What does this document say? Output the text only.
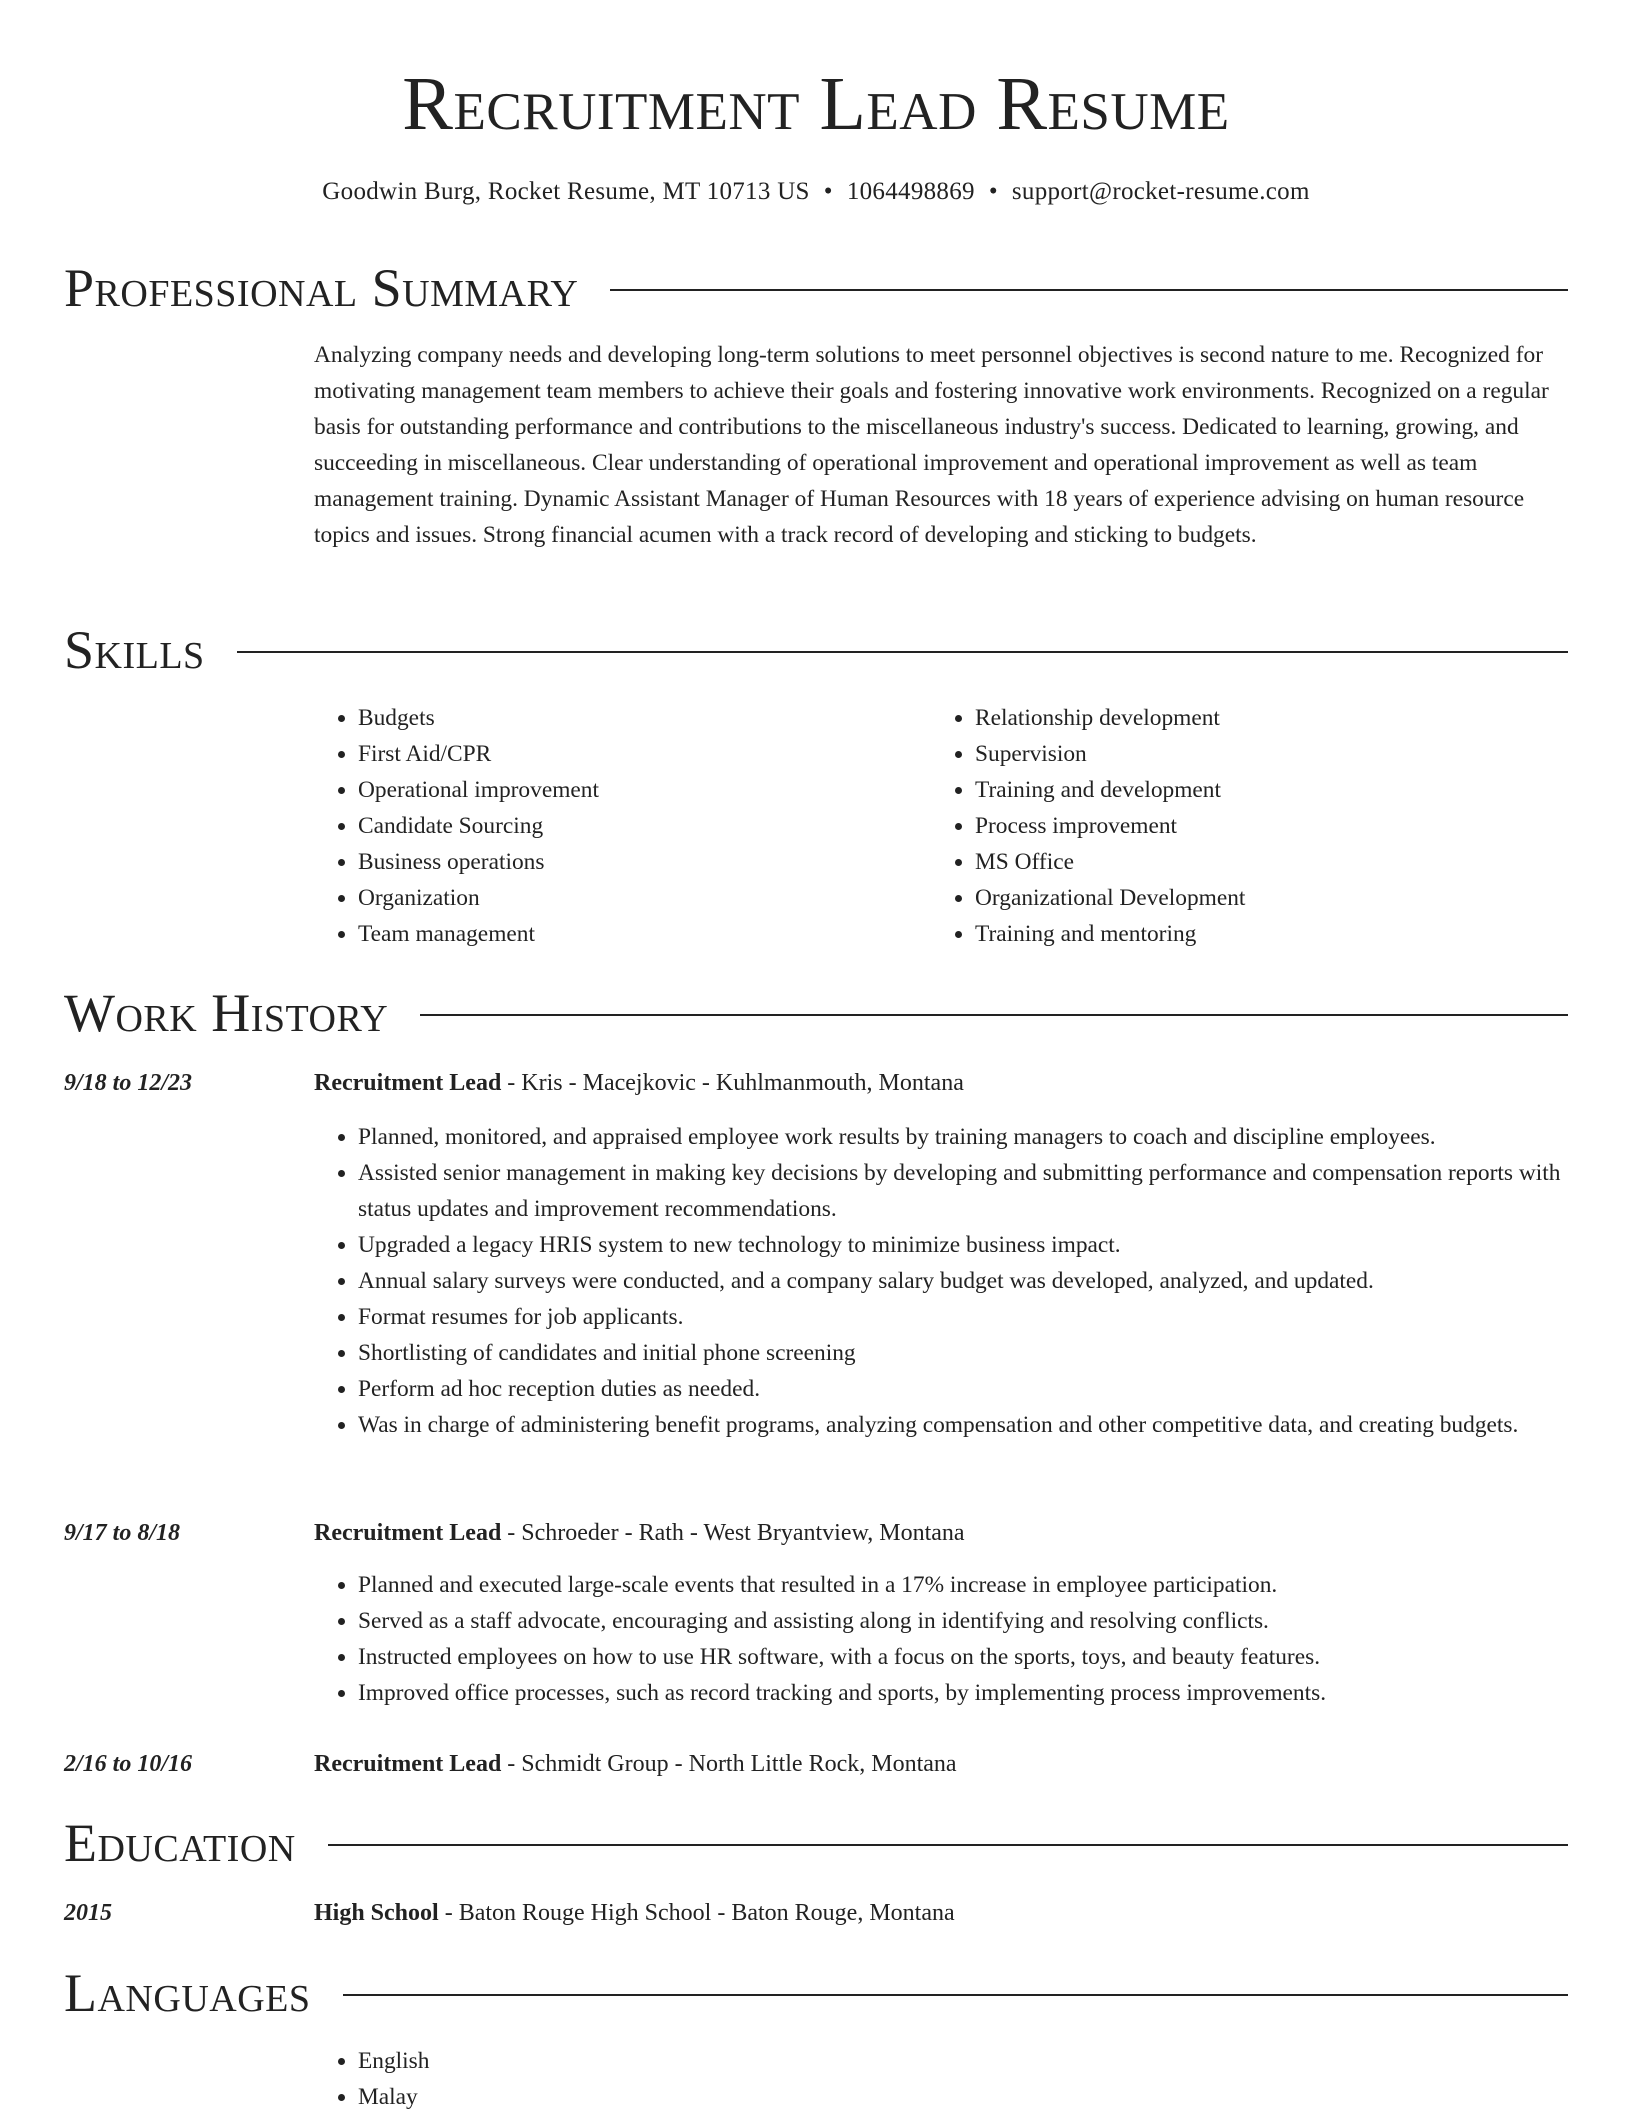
Recruitment Lead Resume
Goodwin Burg, Rocket Resume, MT 10713 US • 1064498869 • support@rocket-resume.com
Professional Summary

Analyzing company needs and developing long-term solutions to meet personnel objectives is second nature to me. Recognized for motivating management team members to achieve their goals and fostering innovative work environments. Recognized on a regular basis for outstanding performance and contributions to the miscellaneous industry's success. Dedicated to learning, growing, and succeeding in miscellaneous. Clear understanding of operational improvement and operational improvement as well as team management training. Dynamic Assistant Manager of Human Resources with 18 years of experience advising on human resource topics and issues. Strong financial acumen with a track record of developing and sticking to budgets.

Skills
• Budgets
• First Aid/CPR
• Operational improvement
• Candidate Sourcing
• Business operations
• Organization
• Team management
• Relationship development
• Supervision
• Training and development
• Process improvement
• MS Office
• Organizational Development
• Training and mentoring
Work History
9/18 to 12/23	Recruitment Lead - Kris - Macejkovic - Kuhlmanmouth, Montana
• Planned, monitored, and appraised employee work results by training managers to coach and discipline employees.
• Assisted senior management in making key decisions by developing and submitting performance and compensation reports with status updates and improvement recommendations.
• Upgraded a legacy HRIS system to new technology to minimize business impact.
• Annual salary surveys were conducted, and a company salary budget was developed, analyzed, and updated.
• Format resumes for job applicants.
• Shortlisting of candidates and initial phone screening
• Perform ad hoc reception duties as needed.
• Was in charge of administering benefit programs, analyzing compensation and other competitive data, and creating budgets.
9/17 to 8/18	Recruitment Lead - Schroeder - Rath - West Bryantview, Montana
• Planned and executed large-scale events that resulted in a 17% increase in employee participation.
• Served as a staff advocate, encouraging and assisting along in identifying and resolving conflicts.
• Instructed employees on how to use HR software, with a focus on the sports, toys, and beauty features.
• Improved office processes, such as record tracking and sports, by implementing process improvements.
2/16 to 10/16	Recruitment Lead - Schmidt Group - North Little Rock, Montana
Education
2015	High School - Baton Rouge High School - Baton Rouge, Montana
Languages
• English
• Malay
